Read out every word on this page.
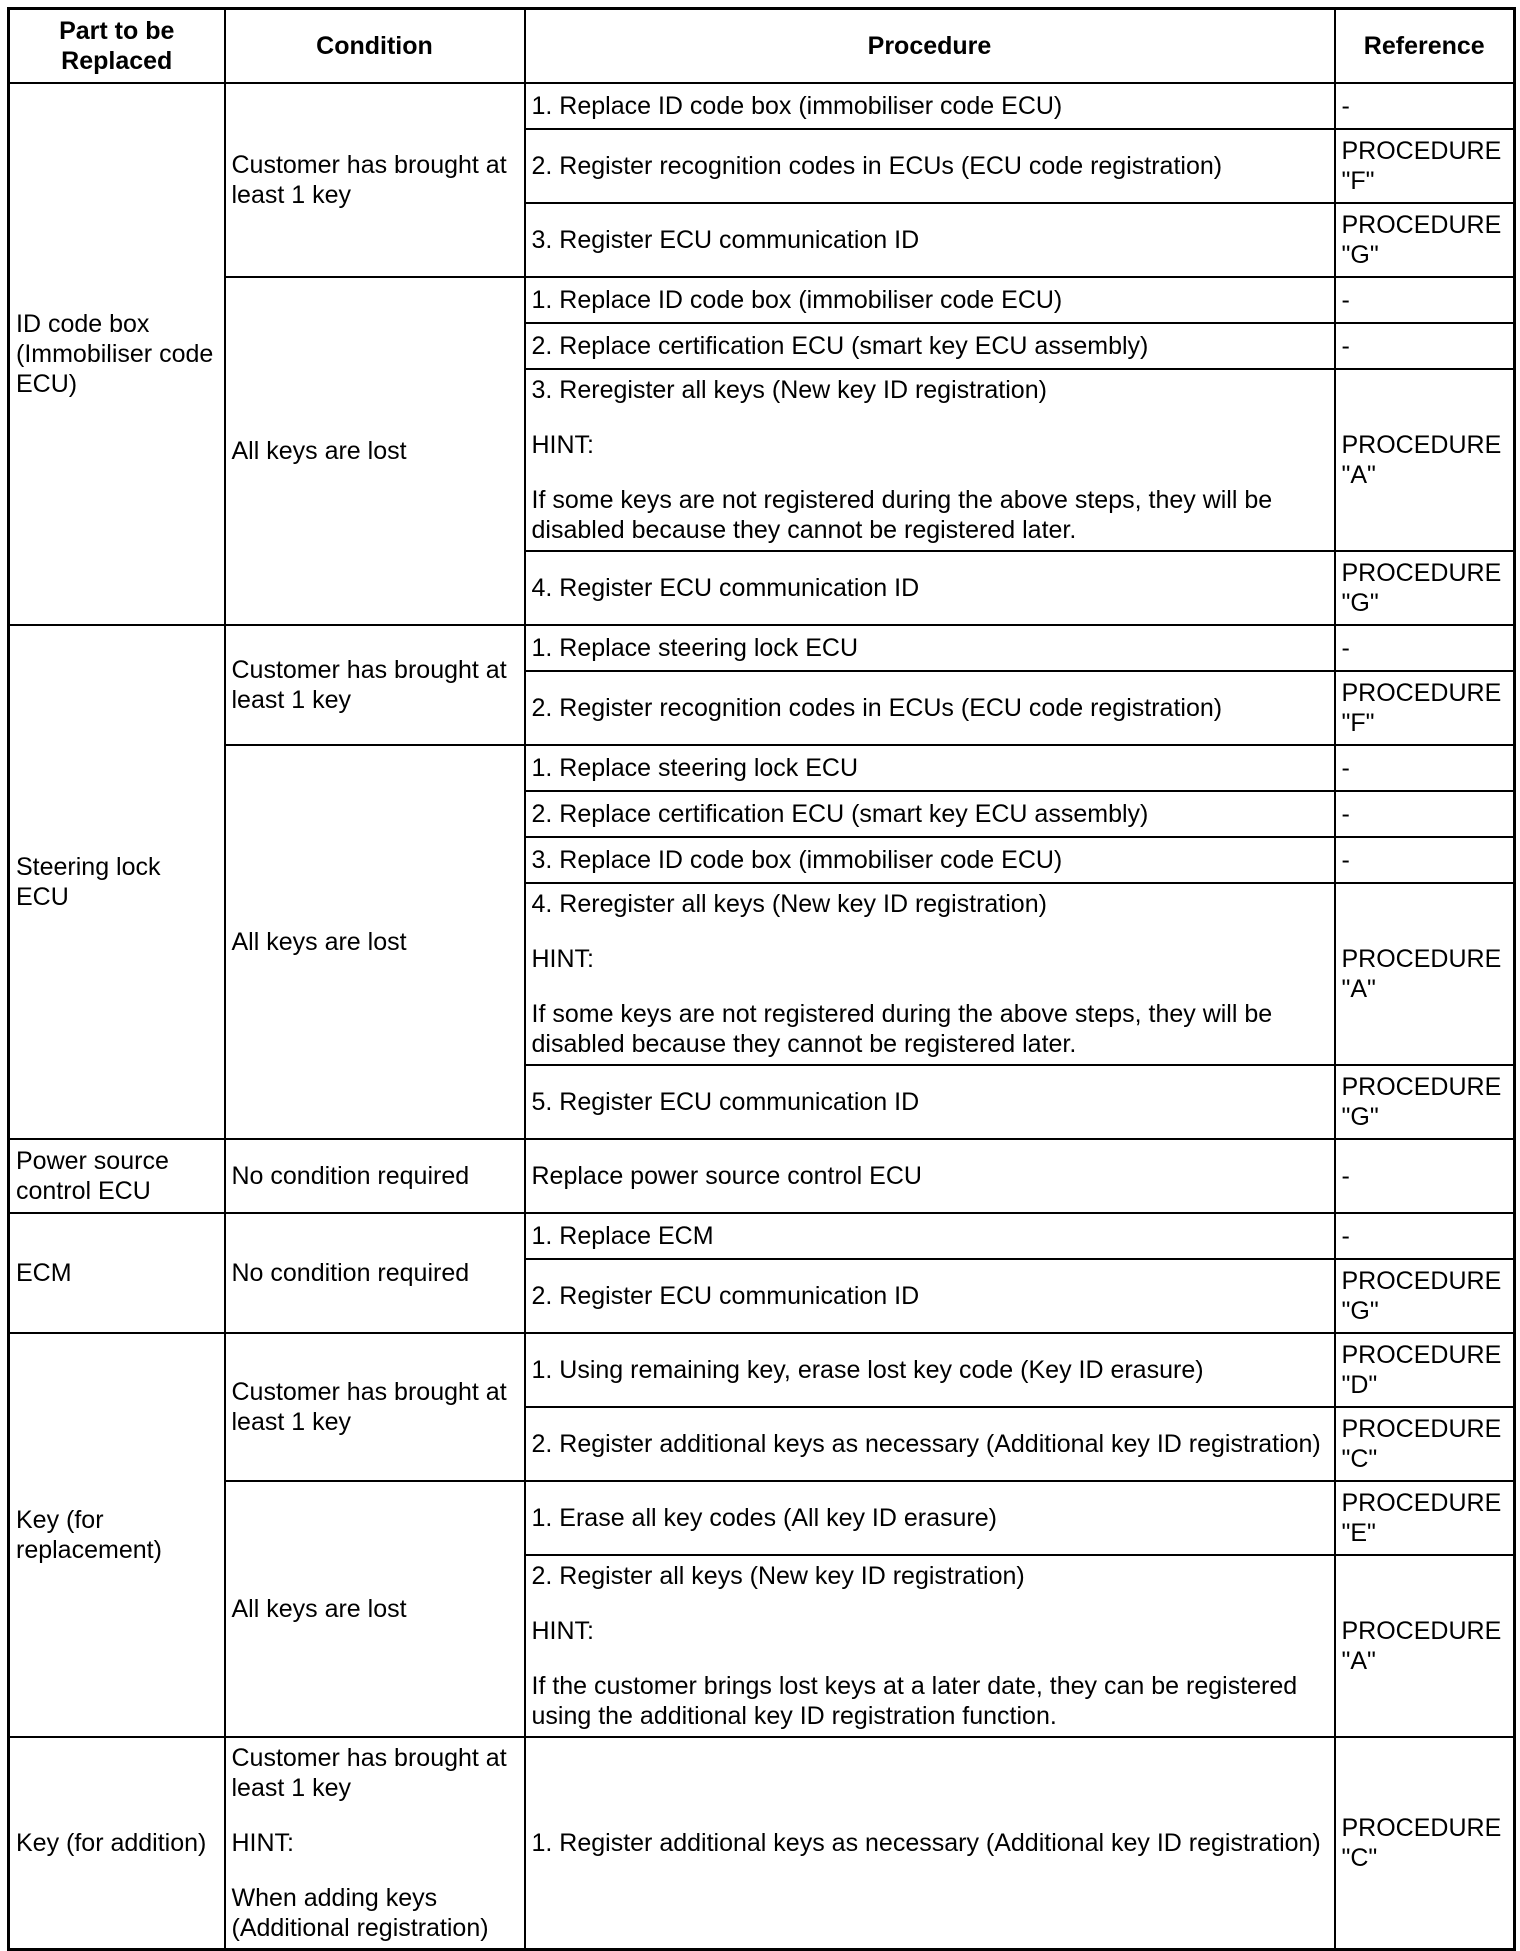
Part to be
Replaced	Condition	Procedure	Reference
ID code box (Immobiliser code ECU)	Customer has brought at least 1 key	1. Replace ID code box (immobiliser code ECU)	-
		2. Register recognition codes in ECUs (ECU code registration)	PROCEDURE
"F"

		3. Register ECU communication ID	PROCEDURE
"G"

	All keys are lost	1. Replace ID code box (immobiliser code ECU)	-
		2. Replace certification ECU (smart key ECU assembly)	-

		3. Reregister all keys (New key ID registration)
HINT:
If some keys are not registered during the above steps, they will be disabled because they cannot be registered later.	PROCEDURE
"A"

		4. Register ECU communication ID	PROCEDURE
"G"

Steering lock ECU	Customer has brought at least 1 key	1. Replace steering lock ECU	-
		2. Register recognition codes in ECUs (ECU code registration)	PROCEDURE
"F"

	All keys are lost	1. Replace steering lock ECU	-
		2. Replace certification ECU (smart key ECU assembly)	-
		3. Replace ID code box (immobiliser code ECU)	-

		4. Reregister all keys (New key ID registration)
HINT:
If some keys are not registered during the above steps, they will be disabled because they cannot be registered later.	PROCEDURE
"A"

		5. Register ECU communication ID	PROCEDURE
"G"

Power source control ECU	No condition required	Replace power source control ECU	-
ECM	No condition required	1. Replace ECM	-
		2. Register ECU communication ID	PROCEDURE
"G"

Key (for replacement)	Customer has brought at least 1 key	1. Using remaining key, erase lost key code (Key ID erasure)	PROCEDURE
"D"

		2. Register additional keys as necessary (Additional key ID registration)	PROCEDURE
"C"

	All keys are lost	1. Erase all key codes (All key ID erasure)	PROCEDURE
"E"

		2. Register all keys (New key ID registration)
HINT:
If the customer brings lost keys at a later date, they can be registered using the additional key ID registration function.	PROCEDURE
"A"

Key (for addition)	Customer has brought at least 1 key
HINT:
When adding keys (Additional registration)	1. Register additional keys as necessary (Additional key ID registration)	PROCEDURE
"C"
